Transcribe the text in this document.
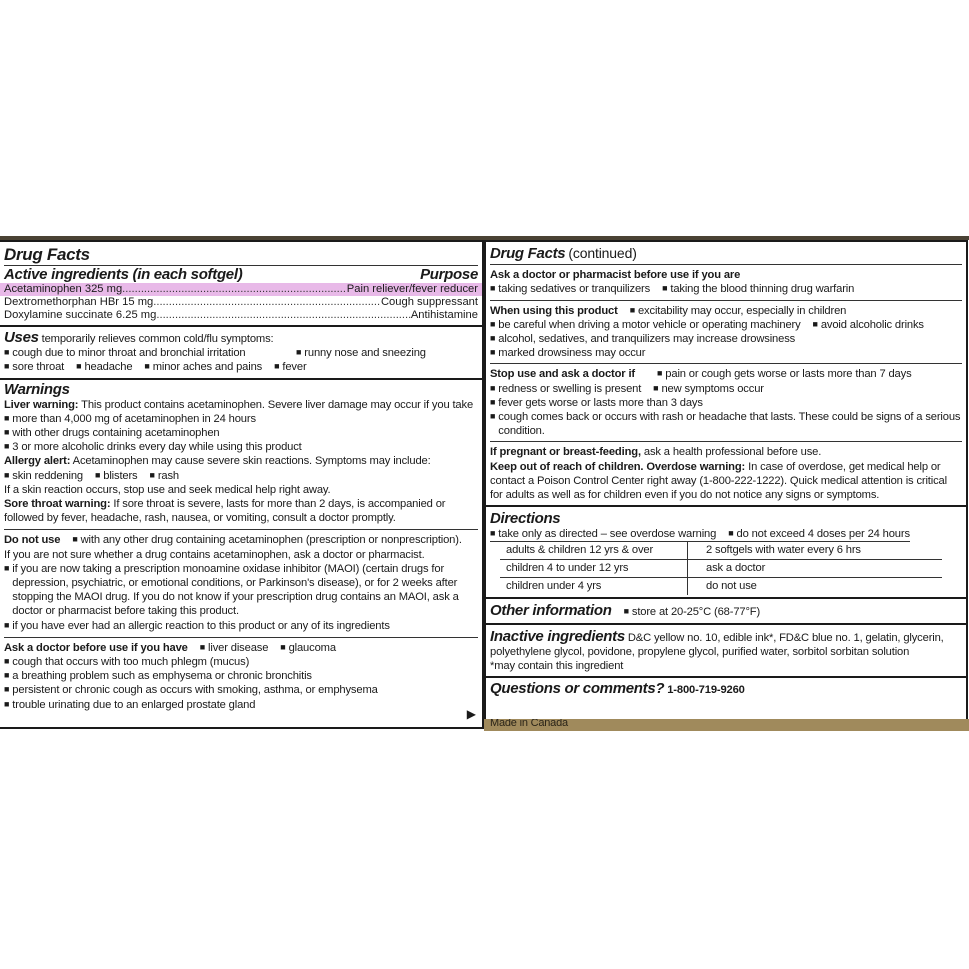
Drug Facts
Active ingredients (in each softgel)	Purpose
Acetaminophen 325 mg .....	Pain reliever/fever reducer
Dextromethorphan HBr 15 mg .....	Cough suppressant
Doxylamine succinate 6.25 mg .....	Antihistamine
Uses temporarily relieves common cold/flu symptoms:
■ cough due to minor throat and bronchial irritation	■ runny nose and sneezing
■ sore throat	■ headache	■ minor aches and pains	■ fever
Warnings
Liver warning: This product contains acetaminophen. Severe liver damage may occur if you take
■ more than 4,000 mg of acetaminophen in 24 hours
■ with other drugs containing acetaminophen
■ 3 or more alcoholic drinks every day while using this product
Allergy alert: Acetaminophen may cause severe skin reactions. Symptoms may include:
■ skin reddening ■ blisters ■ rash
If a skin reaction occurs, stop use and seek medical help right away.
Sore throat warning: If sore throat is severe, lasts for more than 2 days, is accompanied or followed by fever, headache, rash, nausea, or vomiting, consult a doctor promptly.
Do not use ■ with any other drug containing acetaminophen (prescription or nonprescription).
If you are not sure whether a drug contains acetaminophen, ask a doctor or pharmacist.
■
if you are now taking a prescription monoamine oxidase inhibitor (MAOI) (certain drugs for depression, psychiatric, or emotional conditions, or Parkinson's disease), or for 2 weeks after stopping the MAOI drug. If you do not know if your prescription drug contains an MAOI, ask a doctor or pharmacist before taking this product.
■ if you have ever had an allergic reaction to this product or any of its ingredients
Ask a doctor before use if you have ■ liver disease ■ glaucoma
■ cough that occurs with too much phlegm (mucus)
■ a breathing problem such as emphysema or chronic bronchitis
■ persistent or chronic cough as occurs with smoking, asthma, or emphysema
■ trouble urinating due to an enlarged prostate gland
▶
Drug Facts (continued)
Ask a doctor or pharmacist before use if you are
■ taking sedatives or tranquilizers ■ taking the blood thinning drug warfarin
When using this product ■ excitability may occur, especially in children
■ be careful when driving a motor vehicle or operating machinery ■ avoid alcoholic drinks
■ alcohol, sedatives, and tranquilizers may increase drowsiness
■ marked drowsiness may occur
Stop use and ask a doctor if	■ pain or cough gets worse or lasts more than 7 days
■ redness or swelling is present ■ new symptoms occur
■ fever gets worse or lasts more than 3 days
■
cough comes back or occurs with rash or headache that lasts. These could be signs of a serious condition.
If pregnant or breast-feeding, ask a health professional before use.
Keep out of reach of children. Overdose warning: In case of overdose, get medical help or contact a Poison Control Center right away (1-800-222-1222). Quick medical attention is critical for adults as well as for children even if you do not notice any signs or symptoms.
Directions
■ take only as directed – see overdose warning ■ do not exceed 4 doses per 24 hours
adults & children 12 yrs & over	2 softgels with water every 6 hrs
children 4 to under 12 yrs	ask a doctor
children under 4 yrs	do not use
Other information ■ store at 20-25°C (68-77°F)
Inactive ingredients D&C yellow no. 10, edible ink*, FD&C blue no. 1, gelatin, glycerin, polyethylene glycol, povidone, propylene glycol, purified water, sorbitol sorbitan solution
*may contain this ingredient
Questions or comments? 1-800-719-9260
Made in Canada
